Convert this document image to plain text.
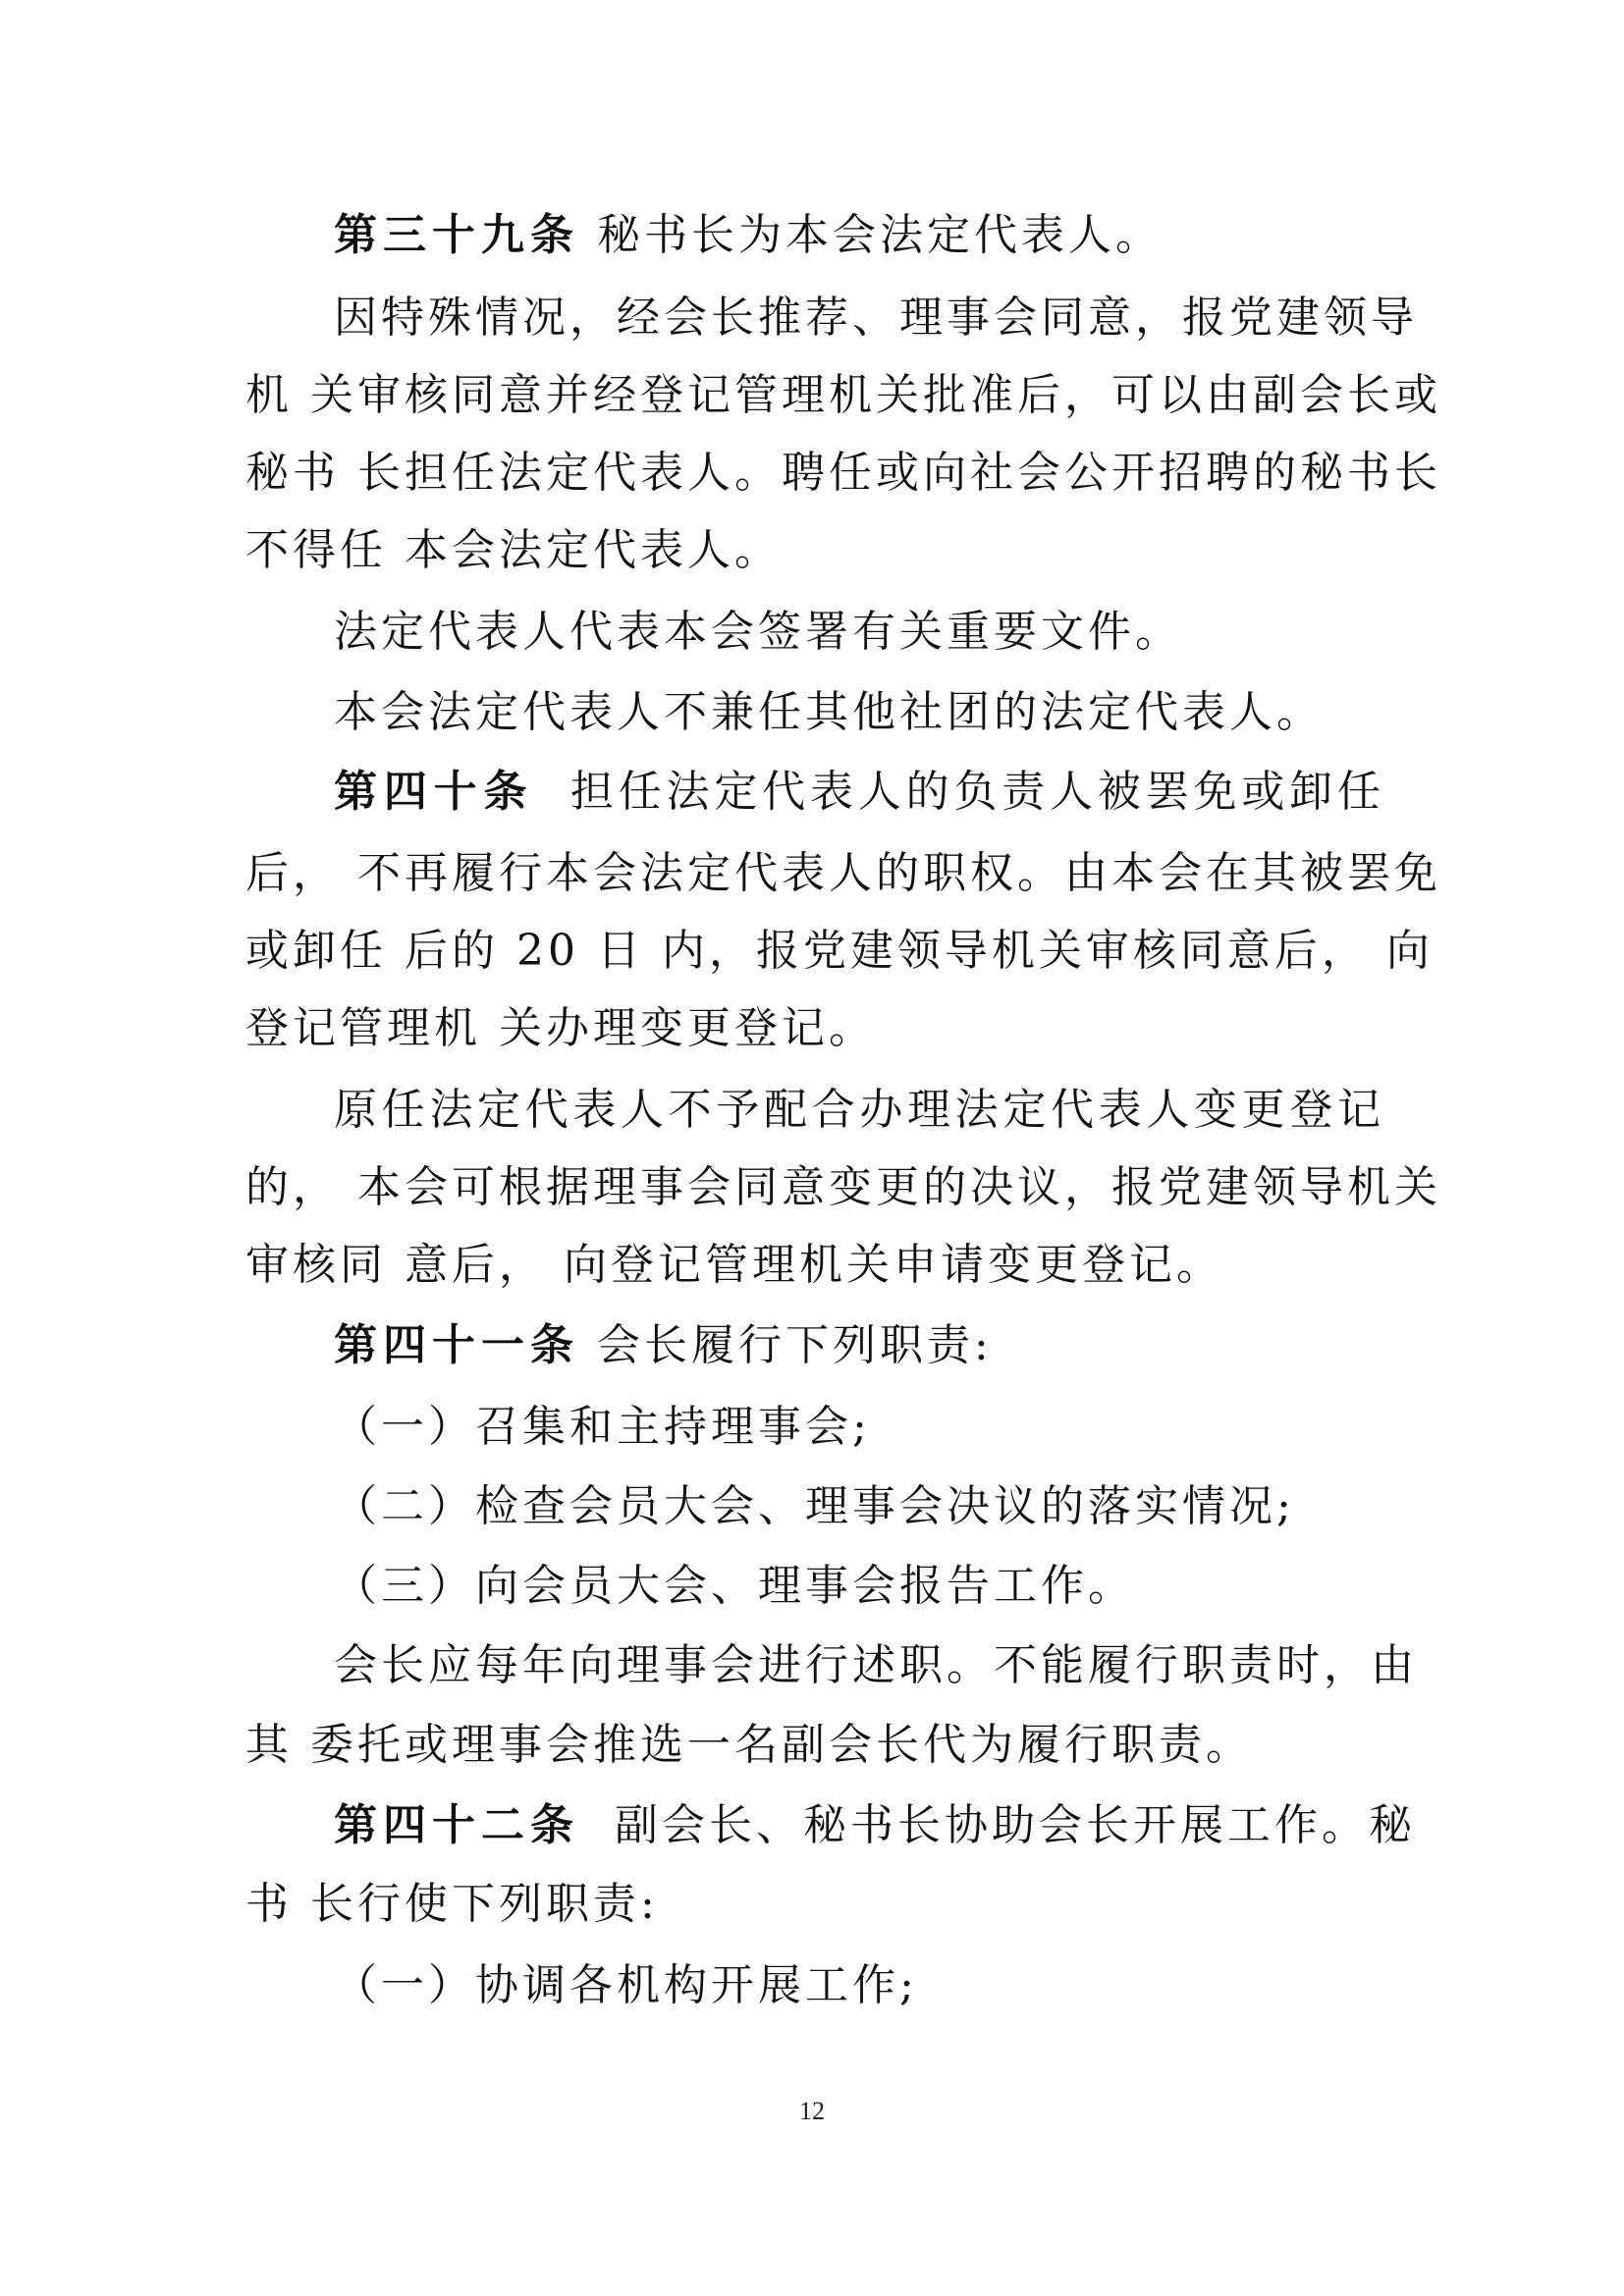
第三十九条 秘书长为本会法定代表人。
因特殊情况，经会长推荐、理事会同意，报党建领导
机 关审核同意并经登记管理机关批准后，可以由副会长或
秘书 长担任法定代表人。聘任或向社会公开招聘的秘书长
不得任 本会法定代表人。
法定代表人代表本会签署有关重要文件。
本会法定代表人不兼任其他社团的法定代表人。
第四十条  担任法定代表人的负责人被罢免或卸任
后， 不再履行本会法定代表人的职权。由本会在其被罢免
或卸任 后的 20 日 内，报党建领导机关审核同意后， 向
登记管理机 关办理变更登记。
原任法定代表人不予配合办理法定代表人变更登记
的， 本会可根据理事会同意变更的决议，报党建领导机关
审核同 意后， 向登记管理机关申请变更登记。
第四十一条 会长履行下列职责:
（一）召集和主持理事会;
（二）检查会员大会、理事会决议的落实情况;
（三）向会员大会、理事会报告工作。
会长应每年向理事会进行述职。不能履行职责时，由
其 委托或理事会推选一名副会长代为履行职责。
第四十二条  副会长、秘书长协助会长开展工作。秘
书 长行使下列职责:
（一）协调各机构开展工作;
12
